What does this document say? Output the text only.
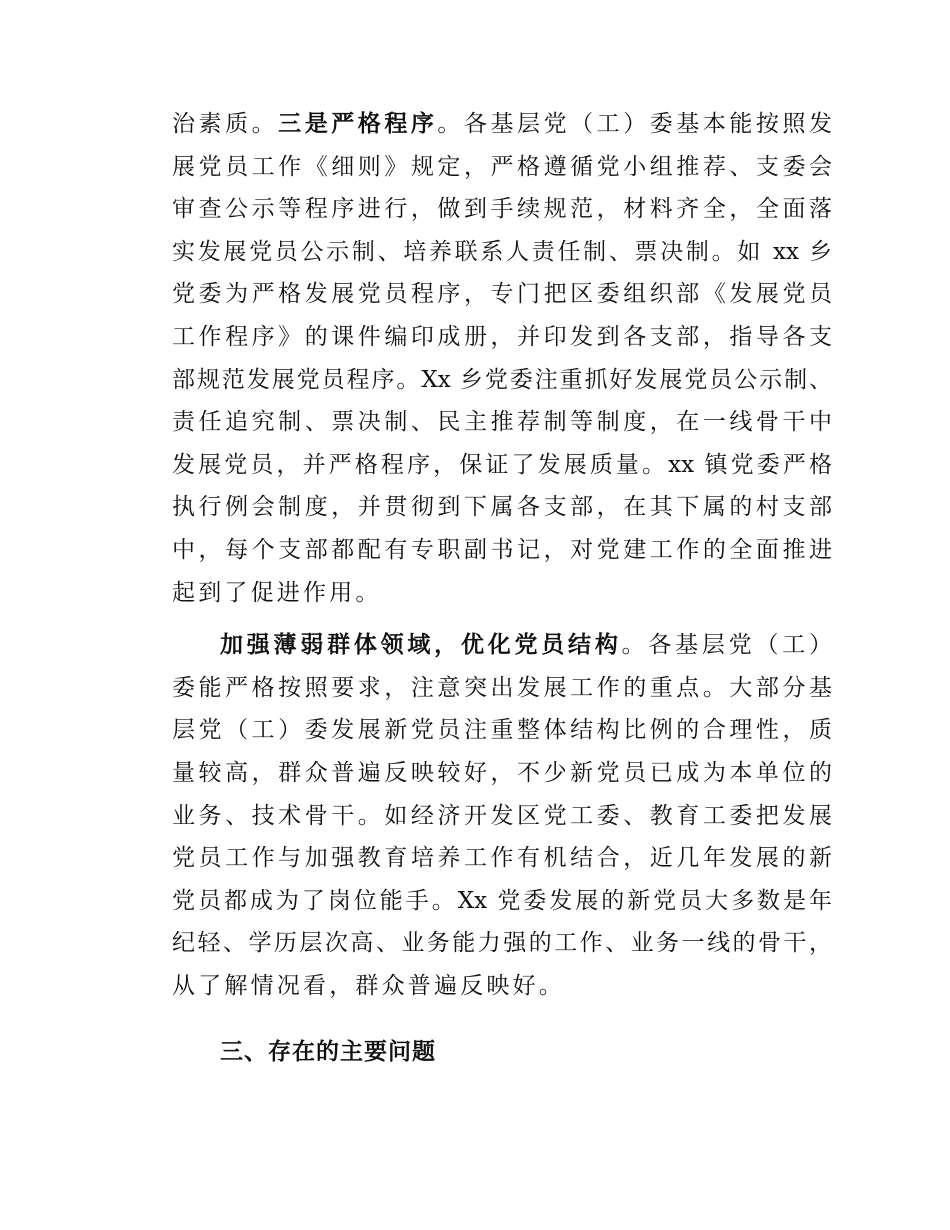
治素质。三是严格程序。各基层党（工）委基本能按照发
展党员工作《细则》规定，严格遵循党小组推荐、支委会
审查公示等程序进行，做到手续规范，材料齐全，全面落
实发展党员公示制、培养联系人责任制、票决制。如 xx 乡
党委为严格发展党员程序，专门把区委组织部《发展党员
工作程序》的课件编印成册，并印发到各支部，指导各支
部规范发展党员程序。Xx 乡党委注重抓好发展党员公示制、
责任追究制、票决制、民主推荐制等制度，在一线骨干中
发展党员，并严格程序，保证了发展质量。xx 镇党委严格
执行例会制度，并贯彻到下属各支部，在其下属的村支部
中，每个支部都配有专职副书记，对党建工作的全面推进
起到了促进作用。
加强薄弱群体领域，优化党员结构。各基层党（工）
委能严格按照要求，注意突出发展工作的重点。大部分基
层党（工）委发展新党员注重整体结构比例的合理性，质
量较高，群众普遍反映较好，不少新党员已成为本单位的
业务、技术骨干。如经济开发区党工委、教育工委把发展
党员工作与加强教育培养工作有机结合，近几年发展的新
党员都成为了岗位能手。Xx 党委发展的新党员大多数是年
纪轻、学历层次高、业务能力强的工作、业务一线的骨干，
从了解情况看，群众普遍反映好。
三、存在的主要问题
